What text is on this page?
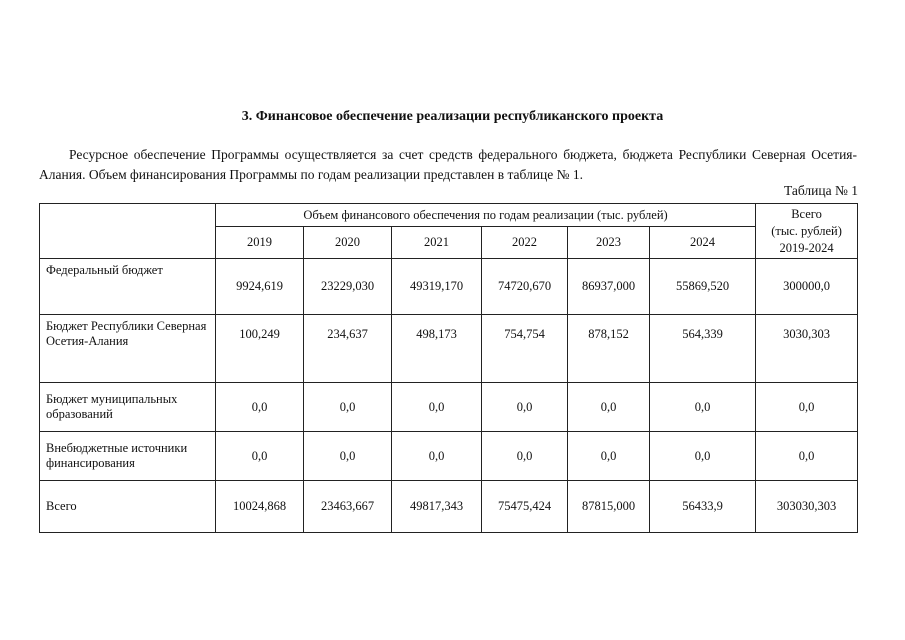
3. Финансовое обеспечение реализации республиканского проекта
Ресурсное обеспечение Программы осуществляется за счет средств федерального бюджета, бюджета Республики Северная Осетия-Алания. Объем финансирования Программы по годам реализации представлен в таблице № 1.
Таблица № 1
	Объем финансового обеспечения по годам реализации (тыс. рублей)						Всего
(тыс. рублей)
2019-2024

	2019	2020	2021	2022	2023	2024	
Федеральный бюджет	9924,619	23229,030	49319,170	74720,670	86937,000	55869,520	300000,0
Бюджет Республики Северная Осетия-Алания	100,249	234,637	498,173	754,754	878,152	564,339	3030,303
Бюджет муниципальных образований	0,0	0,0	0,0	0,0	0,0	0,0	0,0
Внебюджетные источники финансирования	0,0	0,0	0,0	0,0	0,0	0,0	0,0
Всего	10024,868	23463,667	49817,343	75475,424	87815,000	56433,9	303030,303
